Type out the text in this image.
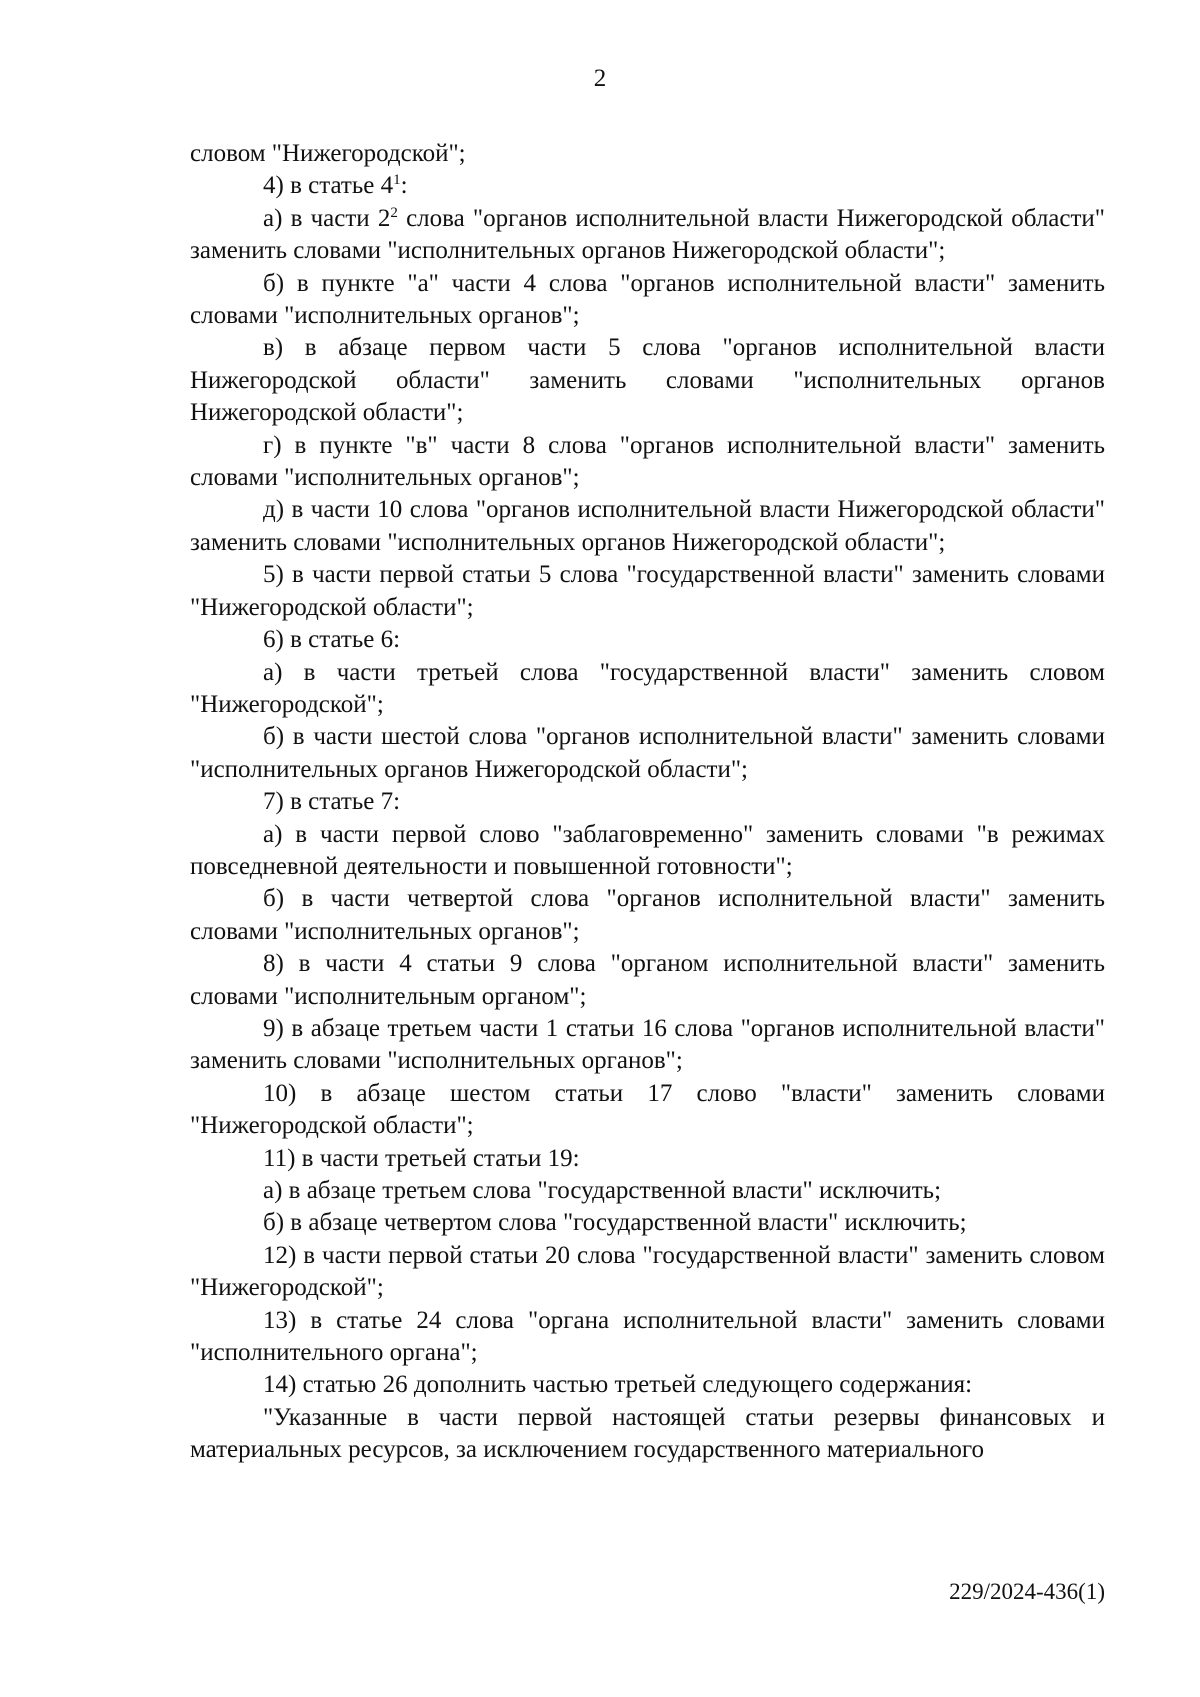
2

словом "Нижегородской";

4) в статье $4^1$:

а) в части $2^2$ слова "органов исполнительной власти Нижегородской области" заменить словами "исполнительных органов Нижегородской области";

б) в пункте "а" части 4 слова "органов исполнительной власти" заменить словами "исполнительных органов";

в) в абзаце первом части 5 слова "органов исполнительной власти Нижегородской области" заменить словами "исполнительных органов Нижегородской области";

г) в пункте "в" части 8 слова "органов исполнительной власти" заменить словами "исполнительных органов";

д) в части 10 слова "органов исполнительной власти Нижегородской области" заменить словами "исполнительных органов Нижегородской области";

5) в части первой статьи 5 слова "государственной власти" заменить словами "Нижегородской области";

6) в статье 6:

а) в части третьей слова "государственной власти" заменить словом "Нижегородской";

б) в части шестой слова "органов исполнительной власти" заменить словами "исполнительных органов Нижегородской области";

7) в статье 7:

а) в части первой слово "заблаговременно" заменить словами "в режимах повседневной деятельности и повышенной готовности";

б) в части четвертой слова "органов исполнительной власти" заменить словами "исполнительных органов";

8) в части 4 статьи 9 слова "органом исполнительной власти" заменить словами "исполнительным органом";

9) в абзаце третьем части 1 статьи 16 слова "органов исполнительной власти" заменить словами "исполнительных органов";

10) в абзаце шестом статьи 17 слово "власти" заменить словами "Нижегородской области";

11) в части третьей статьи 19:

а) в абзаце третьем слова "государственной власти" исключить;

б) в абзаце четвертом слова "государственной власти" исключить;

12) в части первой статьи 20 слова "государственной власти" заменить словом "Нижегородской";

13) в статье 24 слова "органа исполнительной власти" заменить словами "исполнительного органа";

14) статью 26 дополнить частью третьей следующего содержания:

"Указанные в части первой настоящей статьи резервы финансовых и материальных ресурсов, за исключением государственного материального

229/2024-436(1)
